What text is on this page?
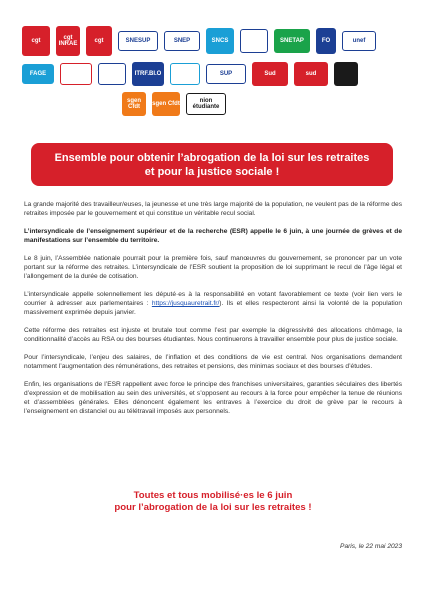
cgt	cgt INRAE	cgt	SNESUP	SNEP	SNCS	SNETAP	FO	unef
FAGE	ITRF.BI.O	SUP	Sud	sud
sgen Cfdt	sgen Cfdt	nion étudiante
Ensemble pour obtenir l’abrogation de la loi sur les retraites
et pour la justice sociale !

La grande majorité des travailleur/euses, la jeunesse et une très large majorité de la population, ne veulent pas de la réforme des retraites imposée par le gouvernement et qui constitue un véritable recul social.

L’intersyndicale de l’enseignement supérieur et de la recherche (ESR) appelle le 6 juin, à une journée de grèves et de manifestations sur l’ensemble du territoire.

Le 8 juin, l’Assemblée nationale pourrait pour la première fois, sauf manœuvres du gouvernement, se prononcer par un vote portant sur la réforme des retraites. L’intersyndicale de l’ESR soutient la proposition de loi supprimant le recul de l’âge légal et l’allongement de la durée de cotisation.

L’intersyndicale appelle solennellement les député·es à la responsabilité en votant favorablement ce texte (voir lien vers le courrier à adresser aux parlementaires : https://jusquauretrait.fr/). Ils et elles respecteront ainsi la volonté de la population massivement exprimée depuis janvier.

Cette réforme des retraites est injuste et brutale tout comme l’est par exemple la dégressivité des allocations chômage, la conditionnalité d’accès au RSA ou des bourses étudiantes. Nous continuerons à travailler ensemble pour plus de justice sociale.

Pour l’intersyndicale, l’enjeu des salaires, de l’inflation et des conditions de vie est central. Nos organisations demandent notamment l’augmentation des rémunérations, des retraites et pensions, des minimas sociaux et des bourses d’études.

Enfin, les organisations de l’ESR rappellent avec force le principe des franchises universitaires, garanties séculaires des libertés d’expression et de mobilisation au sein des universités, et s’opposent au recours à la force pour empêcher la tenue de réunions et d’assemblées générales. Elles dénoncent également les entraves à l’exercice du droit de grève par le recours à l’enseignement en distanciel ou au télétravail imposés aux personnels.

Toutes et tous mobilisé·es le 6 juin
pour l’abrogation de la loi sur les retraites !
Paris, le 22 mai 2023
